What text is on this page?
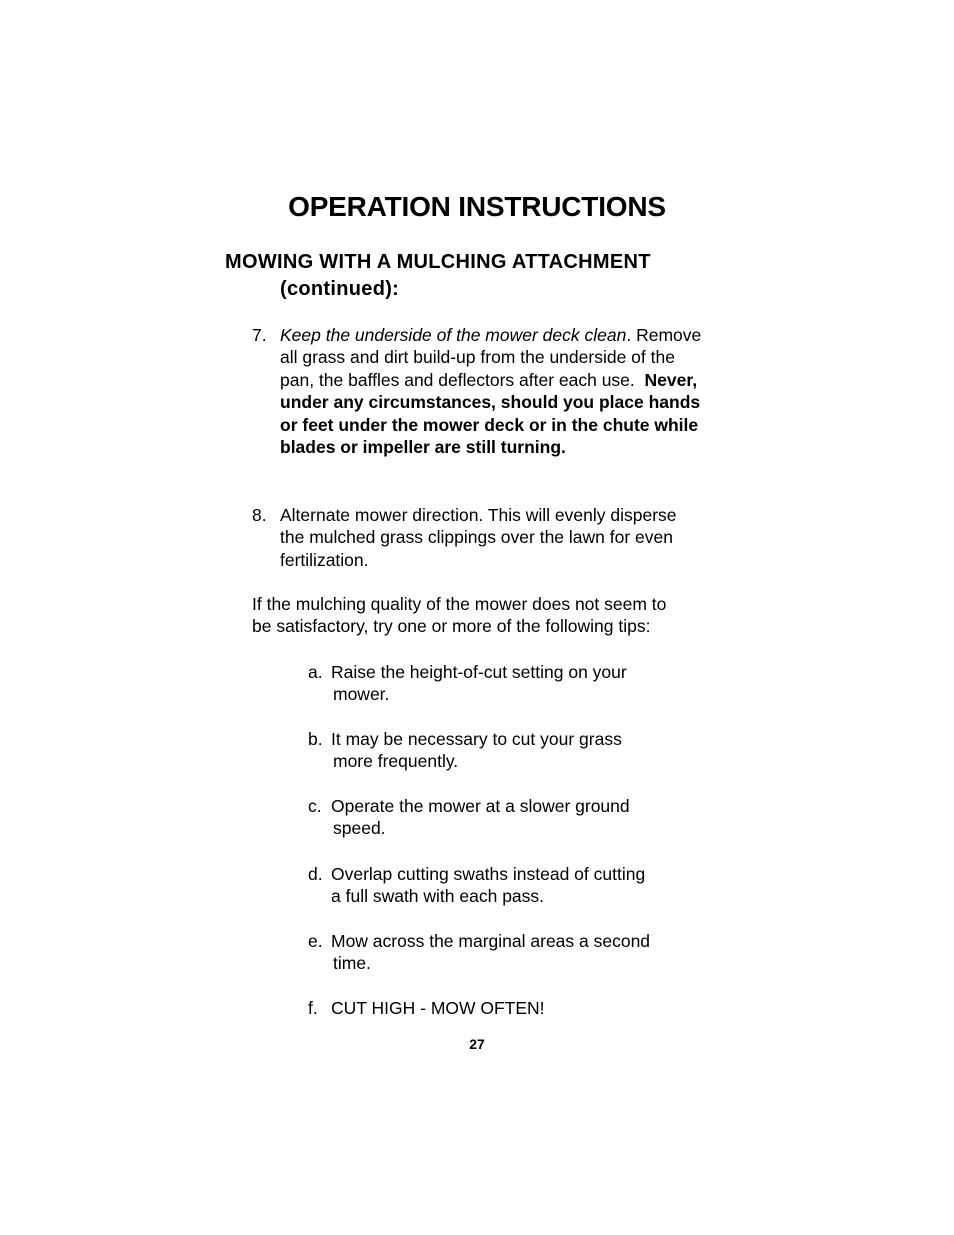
OPERATION INSTRUCTIONS
MOWING WITH A MULCHING ATTACHMENT
(continued):
7. Keep the underside of the mower deck clean. Remove all grass and dirt build-up from the underside of the pan, the baffles and deflectors after each use. Never, under any circumstances, should you place hands or feet under the mower deck or in the chute while blades or impeller are still turning.
8. Alternate mower direction. This will evenly disperse the mulched grass clippings over the lawn for even fertilization.
If the mulching quality of the mower does not seem to be satisfactory, try one or more of the following tips:
a. Raise the height-of-cut setting on your
mower.
b. It may be necessary to cut your grass
more frequently.
c. Operate the mower at a slower ground
speed.
d. Overlap cutting swaths instead of cutting
a full swath with each pass.
e. Mow across the marginal areas a second
time.
f. CUT HIGH - MOW OFTEN!
27
